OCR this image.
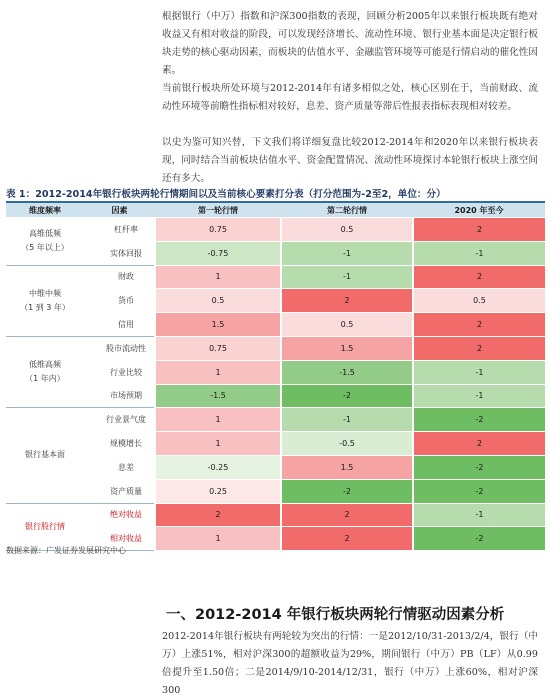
根据银行（中万）指数和沪深300指数的表现，回顾分析2005年以来银行板块既有绝对收益又有相对收益的阶段，可以发现经济增长、流动性环境、银行业基本面是决定银行板块走势的核心驱动因素，而板块的估值水平、金融监管环境等可能是行情启动的催化性因素。

当前银行板块所处环境与2012-2014年有诸多相似之处，核心区别在于，当前财政、流动性环境等前瞻性指标相对较好，息差、资产质量等滞后性报表指标表现相对较差。

以史为鉴可知兴替，下文我们将详细复盘比较2012-2014年和2020年以来银行板块表现，同时结合当前板块估值水平、资金配置情况、流动性环境探讨本轮银行板块上涨空间还有多大。

表 1：2012-2014年银行板块两轮行情期间以及当前核心要素打分表（打分范围为-2至2，单位：分）

维度频率	因素	第一轮行情	第二轮行情	2020 年至今
高维低频
（5 年以上）	杠杆率	0.75	0.5	2
	实体回报	-0.75	-1	-1
中维中频
（1 到 3 年）	财政	1	-1	2
	货币	0.5	2	0.5
	信用	1.5	0.5	2
低维高频
（1 年内）	股市流动性	0.75	1.5	2
	行业比较	1	-1.5	-1
	市场预期	-1.5	-2	-1
银行基本面	行业景气度	1	-1	-2
	规模增长	1	-0.5	2
	息差	-0.25	1.5	-2
	资产质量	0.25	-2	-2
银行股行情	绝对收益	2	2	-1
	相对收益	1	2	-2

数据来源：广发证券发展研究中心

一、2012-2014 年银行板块两轮行情驱动因素分析

2012-2014年银行板块有两轮较为突出的行情：一是2012/10/31-2013/2/4，银行（中万）上涨51%，相对沪深300的超额收益为29%，期间银行（中万）PB（LF）从0.99倍提升至1.50倍；二是2014/9/10-2014/12/31，银行（中万）上涨60%，相对沪深300
